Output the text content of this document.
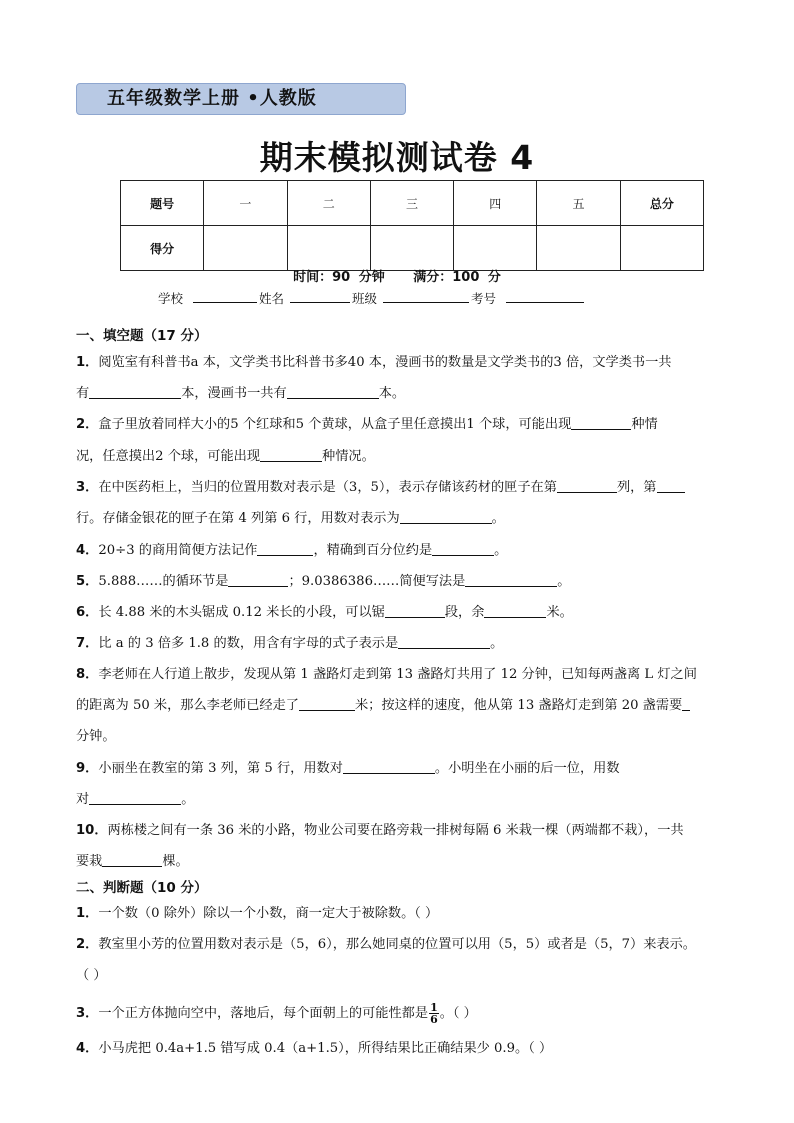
五年级数学上册 •人教版
期末模拟测试卷 4
题号	一	二	三	四	五	总分
得分						
时间：90 分钟 满分：100 分
学校	姓名	班级	考号
一、填空题（17 分）
1．阅览室有科普书a 本，文学类书比科普书多40 本，漫画书的数量是文学类书的3 倍，文学类书一共
有	本，漫画书一共有	本。
2．盒子里放着同样大小的5 个红球和5 个黄球，从盒子里任意摸出1 个球，可能出现	种情
况，任意摸出2 个球，可能出现	种情况。
3．在中医药柜上，当归的位置用数对表示是（3，5），表示存储该药材的匣子在第	列，第
行。存储金银花的匣子在第 4 列第 6 行，用数对表示为	。
4．20÷3 的商用简便方法记作	，精确到百分位约是	。
5．5.888……的循环节是	；9.0386386……简便写法是	。
6．长 4.88 米的木头锯成 0.12 米长的小段，可以锯	段，余	米。
7．比 a 的 3 倍多 1.8 的数，用含有字母的式子表示是	。
8．李老师在人行道上散步，发现从第 1 盏路灯走到第 13 盏路灯共用了 12 分钟，已知每两盏离 L 灯之间
的距离为 50 米，那么李老师已经走了	米；按这样的速度，他从第 13 盏路灯走到第 20 盏需要
分钟。
9．小丽坐在教室的第 3 列，第 5 行，用数对	。小明坐在小丽的后一位，用数
对	。
10．两栋楼之间有一条 36 米的小路，物业公司要在路旁栽一排树每隔 6 米栽一棵（两端都不栽），一共
要栽	棵。
二、判断题（10 分）
1．一个数（0 除外）除以一个小数，商一定大于被除数。（ ）
2．教室里小芳的位置用数对表示是（5，6），那么她同桌的位置可以用（5，5）或者是（5，7）来表示。
（ ）
3．一个正方体抛向空中，落地后，每个面朝上的可能性都是 $\frac{1}{6}$ 。（ ）
4．小马虎把 0.4a+1.5 错写成 0.4（a+1.5），所得结果比正确结果少 0.9。（ ）
